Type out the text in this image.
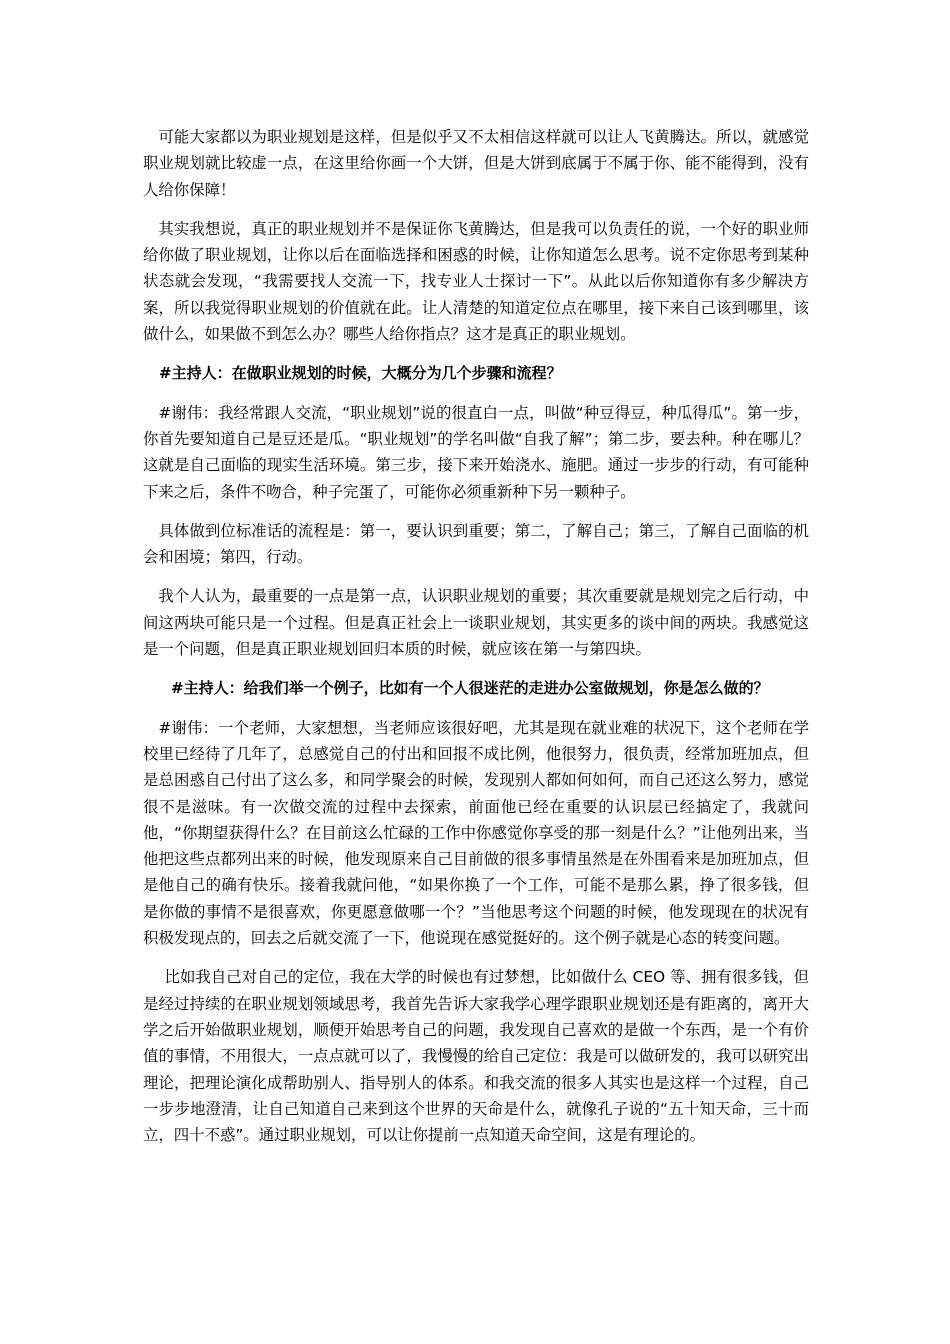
可能大家都以为职业规划是这样，但是似乎又不太相信这样就可以让人飞黄腾达。所以，就感觉职业规划就比较虚一点，在这里给你画一个大饼，但是大饼到底属于不属于你、能不能得到，没有人给你保障！

其实我想说，真正的职业规划并不是保证你飞黄腾达，但是我可以负责任的说，一个好的职业师给你做了职业规划，让你以后在面临选择和困惑的时候，让你知道怎么思考。说不定你思考到某种状态就会发现，“我需要找人交流一下，找专业人士探讨一下”。从此以后你知道你有多少解决方案，所以我觉得职业规划的价值就在此。让人清楚的知道定位点在哪里，接下来自己该到哪里，该做什么，如果做不到怎么办？哪些人给你指点？这才是真正的职业规划。

#主持人：在做职业规划的时候，大概分为几个步骤和流程？

#谢伟：我经常跟人交流，“职业规划”说的很直白一点，叫做“种豆得豆，种瓜得瓜”。第一步，你首先要知道自己是豆还是瓜。“职业规划”的学名叫做“自我了解”；第二步，要去种。种在哪儿？这就是自己面临的现实生活环境。第三步，接下来开始浇水、施肥。通过一步步的行动，有可能种下来之后，条件不吻合，种子完蛋了，可能你必须重新种下另一颗种子。

具体做到位标准话的流程是：第一，要认识到重要；第二，了解自己；第三，了解自己面临的机会和困境；第四，行动。

我个人认为，最重要的一点是第一点，认识职业规划的重要；其次重要就是规划完之后行动，中间这两块可能只是一个过程。但是真正社会上一谈职业规划，其实更多的谈中间的两块。我感觉这是一个问题，但是真正职业规划回归本质的时候，就应该在第一与第四块。

#主持人：给我们举一个例子，比如有一个人很迷茫的走进办公室做规划，你是怎么做的？

#谢伟：一个老师，大家想想，当老师应该很好吧，尤其是现在就业难的状况下，这个老师在学校里已经待了几年了，总感觉自己的付出和回报不成比例，他很努力，很负责，经常加班加点，但是总困惑自己付出了这么多，和同学聚会的时候，发现别人都如何如何，而自己还这么努力，感觉很不是滋味。有一次做交流的过程中去探索，前面他已经在重要的认识层已经搞定了，我就问他，“你期望获得什么？在目前这么忙碌的工作中你感觉你享受的那一刻是什么？”让他列出来，当他把这些点都列出来的时候，他发现原来自己目前做的很多事情虽然是在外围看来是加班加点，但是他自己的确有快乐。接着我就问他，“如果你换了一个工作，可能不是那么累，挣了很多钱，但是你做的事情不是很喜欢，你更愿意做哪一个？”当他思考这个问题的时候，他发现现在的状况有积极发现点的，回去之后就交流了一下，他说现在感觉挺好的。这个例子就是心态的转变问题。

比如我自己对自己的定位，我在大学的时候也有过梦想，比如做什么 CEO 等、拥有很多钱，但是经过持续的在职业规划领域思考，我首先告诉大家我学心理学跟职业规划还是有距离的，离开大学之后开始做职业规划，顺便开始思考自己的问题，我发现自己喜欢的是做一个东西，是一个有价值的事情，不用很大，一点点就可以了，我慢慢的给自己定位：我是可以做研发的，我可以研究出理论，把理论演化成帮助别人、指导别人的体系。和我交流的很多人其实也是这样一个过程，自己一步步地澄清，让自己知道自己来到这个世界的天命是什么，就像孔子说的“五十知天命，三十而立，四十不惑”。通过职业规划，可以让你提前一点知道天命空间，这是有理论的。
